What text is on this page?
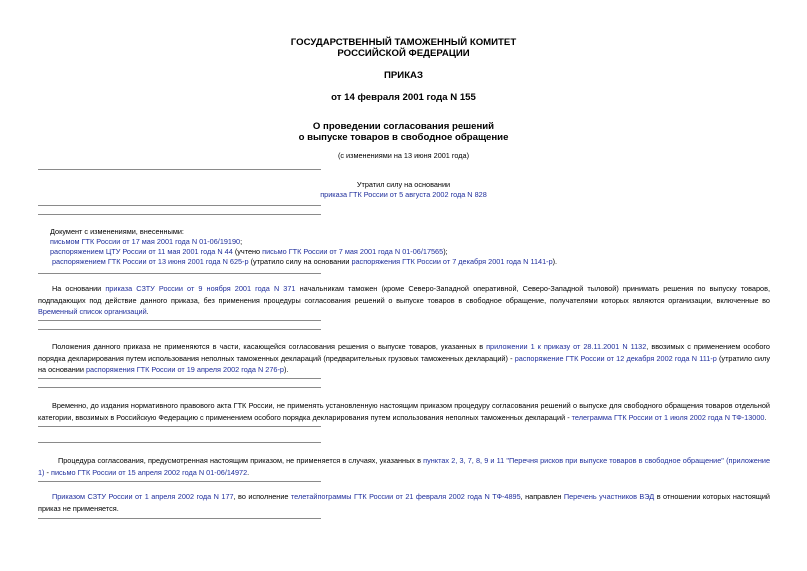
ГОСУДАРСТВЕННЫЙ ТАМОЖЕННЫЙ КОМИТЕТ
РОССИЙСКОЙ ФЕДЕРАЦИИ
ПРИКАЗ
от 14 февраля 2001 года N 155
О проведении согласования решений
о выпуске товаров в свободное обращение
(с изменениями на 13 июня 2001 года)
Утратил силу на основании
приказа ГТК России от 5 августа 2002 года N 828
Документ с изменениями, внесенными:
письмом ГТК России от 17 мая 2001 года N 01-06/19190;
распоряжением ЦТУ России от 11 мая 2001 года N 44 (учтено письмо ГТК России от 7 мая 2001 года N 01-06/17565);
распоряжением ГТК России от 13 июня 2001 года N 625-р (утратило силу на основании распоряжения ГТК России от 7 декабря 2001 года N 1141-р).
На основании приказа СЗТУ России от 9 ноября 2001 года N 371 начальникам таможен (кроме Северо-Западной оперативной, Северо-Западной тыловой) принимать решения по выпуску товаров, подпадающих под действие данного приказа, без применения процедуры согласования решений о выпуске товаров в свободное обращение, получателями которых являются организации, включенные во Временный список организаций.
Положения данного приказа не применяются в части, касающейся согласования решения о выпуске товаров, указанных в приложении 1 к приказу от 28.11.2001 N 1132, ввозимых с применением особого порядка декларирования путем использования неполных таможенных деклараций (предварительных грузовых таможенных деклараций) - распоряжение ГТК России от 12 декабря 2002 года N 111-р (утратило силу на основании распоряжения ГТК России от 19 апреля 2002 года N 276-р).
Временно, до издания нормативного правового акта ГТК России, не применять установленную настоящим приказом процедуру согласования решений о выпуске для свободного обращения товаров отдельной категории, ввозимых в Российскую Федерацию с применением особого порядка декларирования путем использования неполных таможенных деклараций - телеграмма ГТК России от 1 июля 2002 года N ТФ-13000.
Процедура согласования, предусмотренная настоящим приказом, не применяется в случаях, указанных в пунктах 2, 3, 7, 8, 9 и 11 "Перечня рисков при выпуске товаров в свободное обращение" (приложение 1) - письмо ГТК России от 15 апреля 2002 года N 01-06/14972.
Приказом СЗТУ России от 1 апреля 2002 года N 177, во исполнение телетайпограммы ГТК России от 21 февраля 2002 года N ТФ-4895, направлен Перечень участников ВЭД в отношении которых настоящий приказ не применяется.
